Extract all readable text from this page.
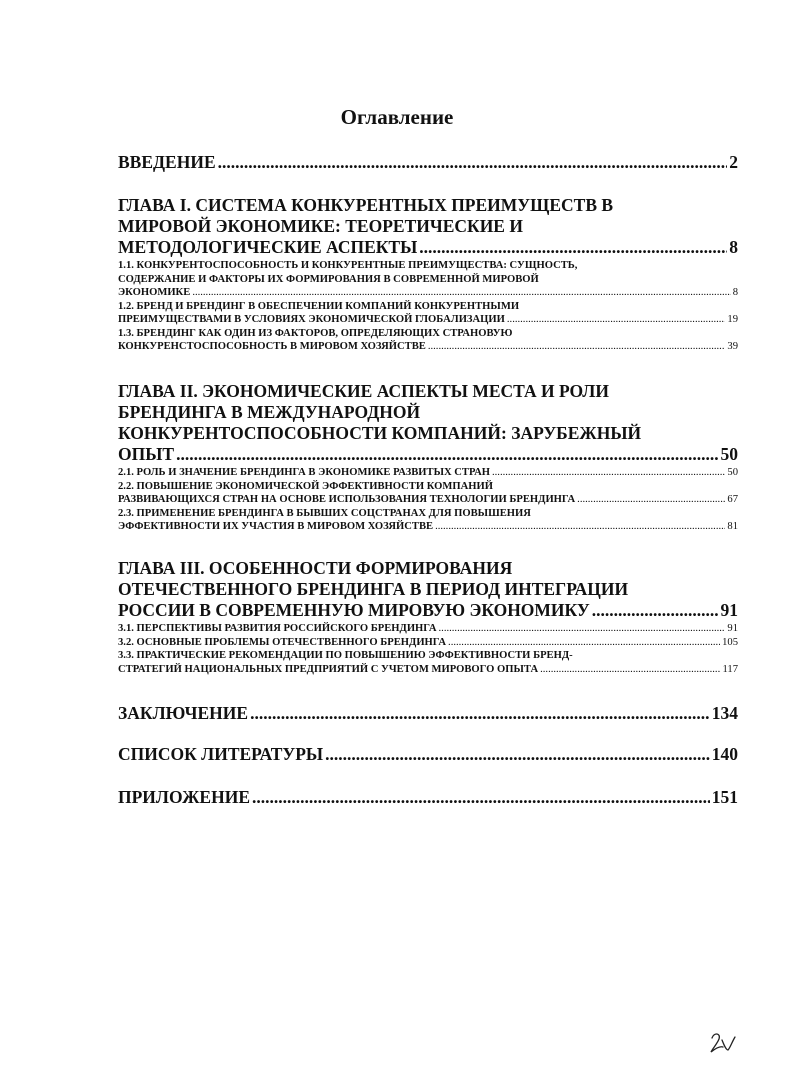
Оглавление
ВВЕДЕНИЕ .....	2
ГЛАВА I. СИСТЕМА КОНКУРЕНТНЫХ ПРЕИМУЩЕСТВ В
МИРОВОЙ ЭКОНОМИКЕ: ТЕОРЕТИЧЕСКИЕ И
МЕТОДОЛОГИЧЕСКИЕ АСПЕКТЫ .....	8
1.1. КОНКУРЕНТОСПОСОБНОСТЬ И КОНКУРЕНТНЫЕ ПРЕИМУЩЕСТВА: СУЩНОСТЬ,
СОДЕРЖАНИЕ И ФАКТОРЫ ИХ ФОРМИРОВАНИЯ В СОВРЕМЕННОЙ МИРОВОЙ
ЭКОНОМИКЕ .....	8
1.2. БРЕНД И БРЕНДИНГ В ОБЕСПЕЧЕНИИ КОМПАНИЙ КОНКУРЕНТНЫМИ
ПРЕИМУЩЕСТВАМИ В УСЛОВИЯХ ЭКОНОМИЧЕСКОЙ ГЛОБАЛИЗАЦИИ .....	19
1.3. БРЕНДИНГ КАК ОДИН ИЗ ФАКТОРОВ, ОПРЕДЕЛЯЮЩИХ СТРАНОВУЮ
КОНКУРЕНСТОСПОСОБНОСТЬ В МИРОВОМ ХОЗЯЙСТВЕ .....	39
ГЛАВА II. ЭКОНОМИЧЕСКИЕ АСПЕКТЫ МЕСТА И РОЛИ
БРЕНДИНГА В МЕЖДУНАРОДНОЙ
КОНКУРЕНТОСПОСОБНОСТИ КОМПАНИЙ: ЗАРУБЕЖНЫЙ
ОПЫТ .....	50
2.1. РОЛЬ И ЗНАЧЕНИЕ БРЕНДИНГА В ЭКОНОМИКЕ РАЗВИТЫХ СТРАН .....	50
2.2. ПОВЫШЕНИЕ ЭКОНОМИЧЕСКОЙ ЭФФЕКТИВНОСТИ КОМПАНИЙ
РАЗВИВАЮЩИХСЯ СТРАН НА ОСНОВЕ ИСПОЛЬЗОВАНИЯ ТЕХНОЛОГИИ БРЕНДИНГА .....	67
2.3. ПРИМЕНЕНИЕ БРЕНДИНГА В БЫВШИХ СОЦСТРАНАХ ДЛЯ ПОВЫШЕНИЯ
ЭФФЕКТИВНОСТИ ИХ УЧАСТИЯ В МИРОВОМ ХОЗЯЙСТВЕ .....	81
ГЛАВА III. ОСОБЕННОСТИ ФОРМИРОВАНИЯ
ОТЕЧЕСТВЕННОГО БРЕНДИНГА В ПЕРИОД ИНТЕГРАЦИИ
РОССИИ В СОВРЕМЕННУЮ МИРОВУЮ ЭКОНОМИКУ .....	91
3.1. ПЕРСПЕКТИВЫ РАЗВИТИЯ РОССИЙСКОГО БРЕНДИНГА .....	91
3.2. ОСНОВНЫЕ ПРОБЛЕМЫ ОТЕЧЕСТВЕННОГО БРЕНДИНГА .....	105
3.3. ПРАКТИЧЕСКИЕ РЕКОМЕНДАЦИИ ПО ПОВЫШЕНИЮ ЭФФЕКТИВНОСТИ БРЕНД-
СТРАТЕГИЙ НАЦИОНАЛЬНЫХ ПРЕДПРИЯТИЙ С УЧЕТОМ МИРОВОГО ОПЫТА .....	117
ЗАКЛЮЧЕНИЕ .....	134
СПИСОК ЛИТЕРАТУРЫ .....	140
ПРИЛОЖЕНИЕ .....	151
